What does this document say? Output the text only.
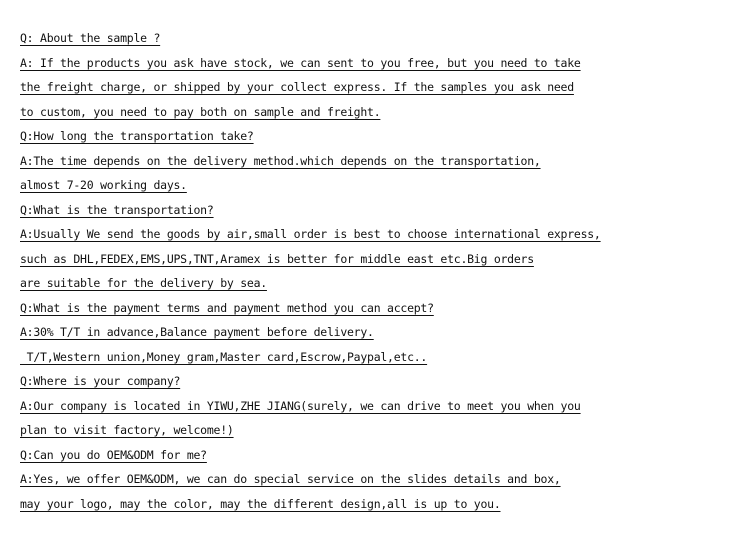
Q: About the sample ?
A: If the products you ask have stock, we can sent to you free, but you need to take
the freight charge, or shipped by your collect express. If the samples you ask need
to custom, you need to pay both on sample and freight.
Q:How long the transportation take?
A:The time depends on the delivery method.which depends on the transportation,
almost 7-20 working days.
Q:What is the transportation?
A:Usually We send the goods by air,small order is best to choose international express,
such as DHL,FEDEX,EMS,UPS,TNT,Aramex is better for middle east etc.Big orders
are suitable for the delivery by sea.
Q:What is the payment terms and payment method you can accept?
A:30% T/T in advance,Balance payment before delivery.
T/T,Western union,Money gram,Master card,Escrow,Paypal,etc..
Q:Where is your company?
A:Our company is located in YIWU,ZHE JIANG(surely, we can drive to meet you when you
plan to visit factory, welcome!)
Q:Can you do OEM&ODM for me?
A:Yes, we offer OEM&ODM, we can do special service on the slides details and box,
may your logo, may the color, may the different design,all is up to you.
